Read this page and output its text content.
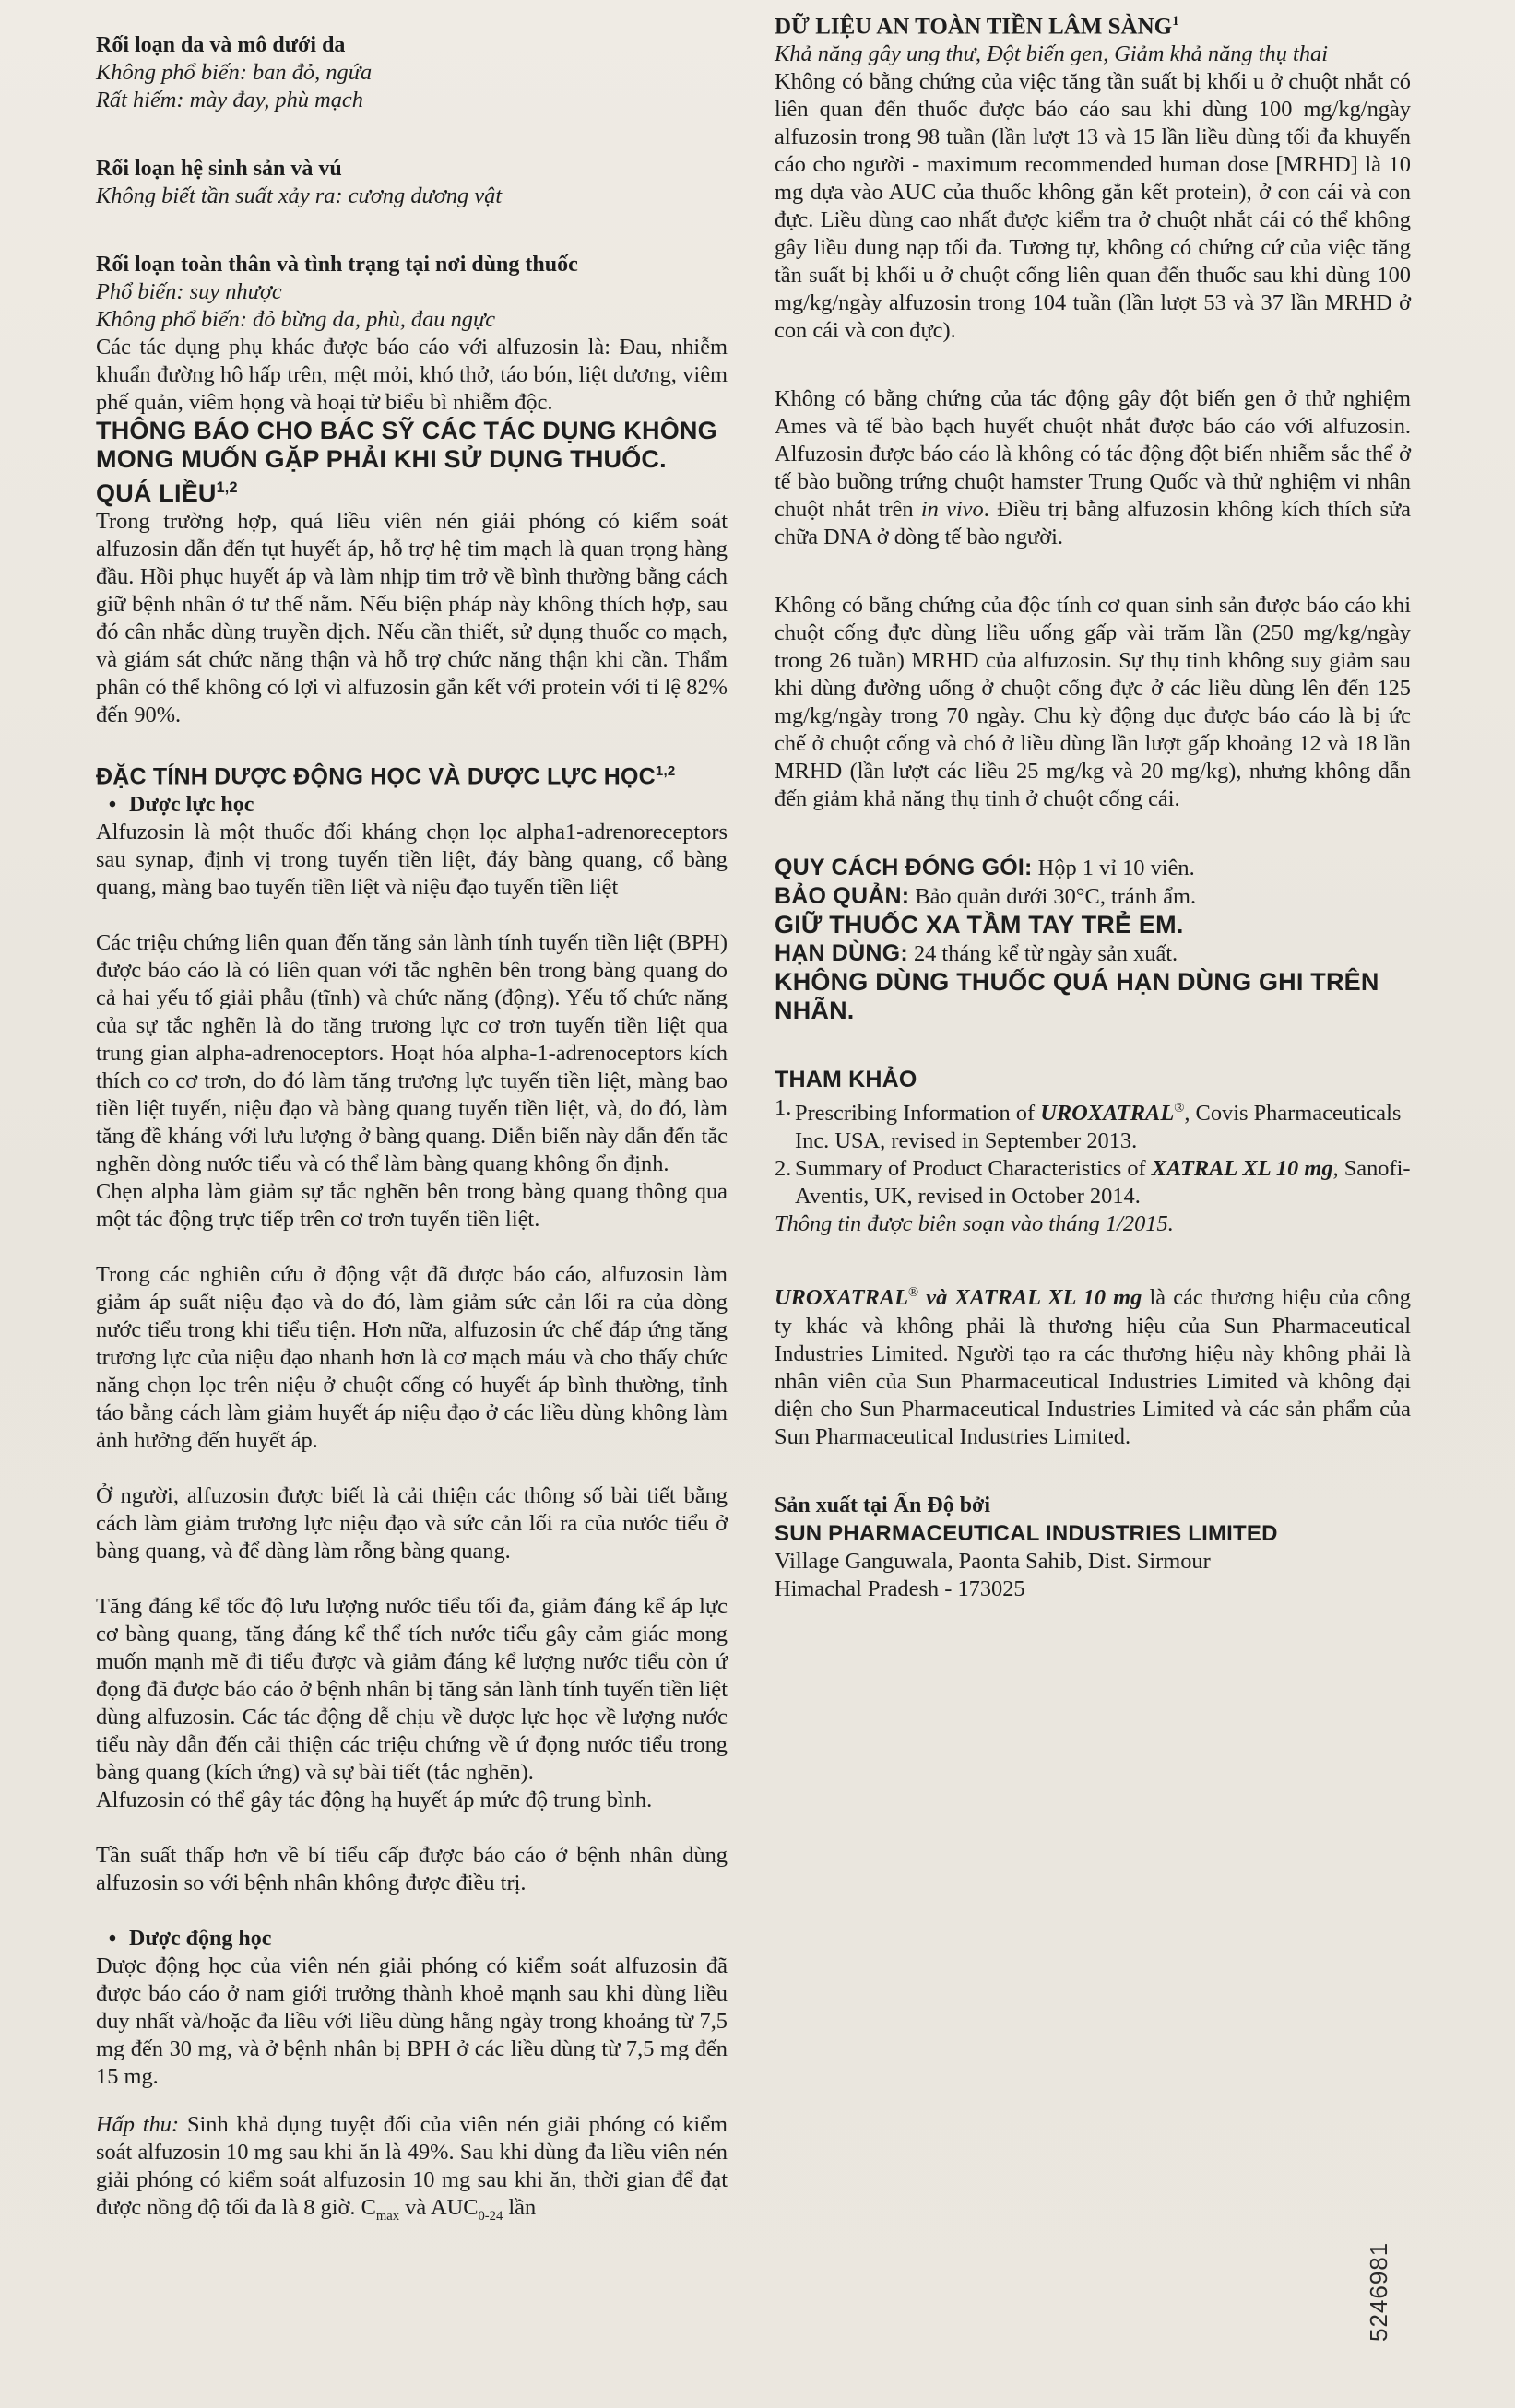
Rối loạn da và mô dưới da

Không phổ biến: ban đỏ, ngứa

Rất hiếm: mày đay, phù mạch

Rối loạn hệ sinh sản và vú

Không biết tần suất xảy ra: cương dương vật

Rối loạn toàn thân và tình trạng tại nơi dùng thuốc

Phổ biến: suy nhược

Không phổ biến: đỏ bừng da, phù, đau ngực

Các tác dụng phụ khác được báo cáo với alfuzosin là: Đau, nhiễm khuẩn đường hô hấp trên, mệt mỏi, khó thở, táo bón, liệt dương, viêm phế quản, viêm họng và hoại tử biểu bì nhiễm độc.

THÔNG BÁO CHO BÁC SỸ CÁC TÁC DỤNG KHÔNG MONG MUỐN GẶP PHẢI KHI SỬ DỤNG THUỐC.

QUÁ LIỀU$^{1,2}$

Trong trường hợp, quá liều viên nén giải phóng có kiểm soát alfuzosin dẫn đến tụt huyết áp, hỗ trợ hệ tim mạch là quan trọng hàng đầu. Hồi phục huyết áp và làm nhịp tim trở về bình thường bằng cách giữ bệnh nhân ở tư thế nằm. Nếu biện pháp này không thích hợp, sau đó cân nhắc dùng truyền dịch. Nếu cần thiết, sử dụng thuốc co mạch, và giám sát chức năng thận và hỗ trợ chức năng thận khi cần. Thẩm phân có thể không có lợi vì alfuzosin gắn kết với protein với tỉ lệ 82% đến 90%.

ĐẶC TÍNH DƯỢC ĐỘNG HỌC VÀ DƯỢC LỰC HỌC$^{1,2}$

• Dược lực học

Alfuzosin là một thuốc đối kháng chọn lọc alpha1-adrenoreceptors sau synap, định vị trong tuyến tiền liệt, đáy bàng quang, cổ bàng quang, màng bao tuyến tiền liệt và niệu đạo tuyến tiền liệt

Các triệu chứng liên quan đến tăng sản lành tính tuyến tiền liệt (BPH) được báo cáo là có liên quan với tắc nghẽn bên trong bàng quang do cả hai yếu tố giải phẫu (tĩnh) và chức năng (động). Yếu tố chức năng của sự tắc nghẽn là do tăng trương lực cơ trơn tuyến tiền liệt qua trung gian alpha-adrenoceptors. Hoạt hóa alpha-1-adrenoceptors kích thích co cơ trơn, do đó làm tăng trương lực tuyến tiền liệt, màng bao tiền liệt tuyến, niệu đạo và bàng quang tuyến tiền liệt, và, do đó, làm tăng đề kháng với lưu lượng ở bàng quang. Diễn biến này dẫn đến tắc nghẽn dòng nước tiểu và có thể làm bàng quang không ổn định.

Chẹn alpha làm giảm sự tắc nghẽn bên trong bàng quang thông qua một tác động trực tiếp trên cơ trơn tuyến tiền liệt.

Trong các nghiên cứu ở động vật đã được báo cáo, alfuzosin làm giảm áp suất niệu đạo và do đó, làm giảm sức cản lối ra của dòng nước tiểu trong khi tiểu tiện. Hơn nữa, alfuzosin ức chế đáp ứng tăng trương lực của niệu đạo nhanh hơn là cơ mạch máu và cho thấy chức năng chọn lọc trên niệu ở chuột cống có huyết áp bình thường, tỉnh táo bằng cách làm giảm huyết áp niệu đạo ở các liều dùng không làm ảnh hưởng đến huyết áp.

Ở người, alfuzosin được biết là cải thiện các thông số bài tiết bằng cách làm giảm trương lực niệu đạo và sức cản lối ra của nước tiểu ở bàng quang, và để dàng làm rỗng bàng quang.

Tăng đáng kể tốc độ lưu lượng nước tiểu tối đa, giảm đáng kể áp lực cơ bàng quang, tăng đáng kể thể tích nước tiểu gây cảm giác mong muốn mạnh mẽ đi tiểu được và giảm đáng kể lượng nước tiểu còn ứ đọng đã được báo cáo ở bệnh nhân bị tăng sản lành tính tuyến tiền liệt dùng alfuzosin. Các tác động dễ chịu về dược lực học về lượng nước tiểu này dẫn đến cải thiện các triệu chứng về ứ đọng nước tiểu trong bàng quang (kích ứng) và sự bài tiết (tắc nghẽn).

Alfuzosin có thể gây tác động hạ huyết áp mức độ trung bình.

Tần suất thấp hơn về bí tiểu cấp được báo cáo ở bệnh nhân dùng alfuzosin so với bệnh nhân không được điều trị.

• Dược động học

Dược động học của viên nén giải phóng có kiểm soát alfuzosin đã được báo cáo ở nam giới trưởng thành khoẻ mạnh sau khi dùng liều duy nhất và/hoặc đa liều với liều dùng hằng ngày trong khoảng từ 7,5 mg đến 30 mg, và ở bệnh nhân bị BPH ở các liều dùng từ 7,5 mg đến 15 mg.

Hấp thu: Sinh khả dụng tuyệt đối của viên nén giải phóng có kiểm soát alfuzosin 10 mg sau khi ăn là 49%. Sau khi dùng đa liều viên nén giải phóng có kiểm soát alfuzosin 10 mg sau khi ăn, thời gian để đạt được nồng độ tối đa là 8 giờ. $C_{max}$ và $AUC_{0-24}$ lần

DỮ LIỆU AN TOÀN TIỀN LÂM SÀNG$^1$

Khả năng gây ung thư, Đột biến gen, Giảm khả năng thụ thai

Không có bằng chứng của việc tăng tần suất bị khối u ở chuột nhắt có liên quan đến thuốc được báo cáo sau khi dùng 100 mg/kg/ngày alfuzosin trong 98 tuần (lần lượt 13 và 15 lần liều dùng tối đa khuyến cáo cho người - maximum recommended human dose [MRHD] là 10 mg dựa vào AUC của thuốc không gắn kết protein), ở con cái và con đực. Liều dùng cao nhất được kiểm tra ở chuột nhắt cái có thể không gây liều dung nạp tối đa. Tương tự, không có chứng cứ của việc tăng tần suất bị khối u ở chuột cống liên quan đến thuốc sau khi dùng 100 mg/kg/ngày alfuzosin trong 104 tuần (lần lượt 53 và 37 lần MRHD ở con cái và con đực).

Không có bằng chứng của tác động gây đột biến gen ở thử nghiệm Ames và tế bào bạch huyết chuột nhắt được báo cáo với alfuzosin. Alfuzosin được báo cáo là không có tác động đột biến nhiễm sắc thể ở tế bào buồng trứng chuột hamster Trung Quốc và thử nghiệm vi nhân chuột nhắt trên in vivo. Điều trị bằng alfuzosin không kích thích sửa chữa DNA ở dòng tế bào người.

Không có bằng chứng của độc tính cơ quan sinh sản được báo cáo khi chuột cống đực dùng liều uống gấp vài trăm lần (250 mg/kg/ngày trong 26 tuần) MRHD của alfuzosin. Sự thụ tinh không suy giảm sau khi dùng đường uống ở chuột cống đực ở các liều dùng lên đến 125 mg/kg/ngày trong 70 ngày. Chu kỳ động dục được báo cáo là bị ức chế ở chuột cống và chó ở liều dùng lần lượt gấp khoảng 12 và 18 lần MRHD (lần lượt các liều 25 mg/kg và 20 mg/kg), nhưng không dẫn đến giảm khả năng thụ tinh ở chuột cống cái.

QUY CÁCH ĐÓNG GÓI: Hộp 1 vỉ 10 viên.

BẢO QUẢN: Bảo quản dưới 30°C, tránh ẩm.

GIỮ THUỐC XA TẦM TAY TRẺ EM.

HẠN DÙNG: 24 tháng kể từ ngày sản xuất.

KHÔNG DÙNG THUỐC QUÁ HẠN DÙNG GHI TRÊN NHÃN.

THAM KHẢO

1. Prescribing Information of UROXATRAL®, Covis Pharmaceuticals Inc. USA, revised in September 2013.
2. Summary of Product Characteristics of XATRAL XL 10 mg, Sanofi-Aventis, UK, revised in October 2014.

Thông tin được biên soạn vào tháng 1/2015.

UROXATRAL® và XATRAL XL 10 mg là các thương hiệu của công ty khác và không phải là thương hiệu của Sun Pharmaceutical Industries Limited. Người tạo ra các thương hiệu này không phải là nhân viên của Sun Pharmaceutical Industries Limited và không đại diện cho Sun Pharmaceutical Industries Limited và các sản phẩm của Sun Pharmaceutical Industries Limited.

Sản xuất tại Ấn Độ bởi

SUN PHARMACEUTICAL INDUSTRIES LIMITED

Village Ganguwala, Paonta Sahib, Dist. Sirmour

Himachal Pradesh - 173025

5246981
